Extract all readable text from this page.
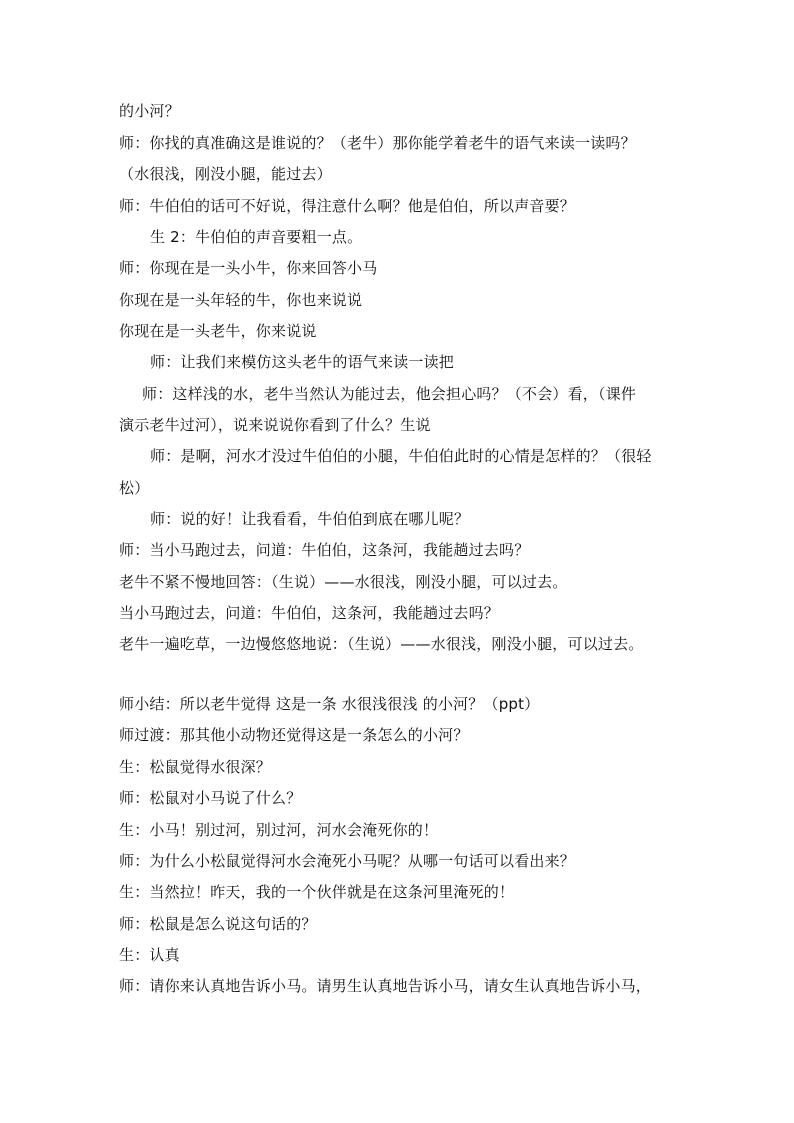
的小河？
师：你找的真准确这是谁说的？（老牛）那你能学着老牛的语气来读一读吗？
（水很浅，刚没小腿，能过去）
师：牛伯伯的话可不好说，得注意什么啊？他是伯伯，所以声音要？
生 2：牛伯伯的声音要粗一点。
师：你现在是一头小牛，你来回答小马
你现在是一头年轻的牛，你也来说说
你现在是一头老牛，你来说说
师：让我们来模仿这头老牛的语气来读一读把
师：这样浅的水，老牛当然认为能过去，他会担心吗？（不会）看，（课件
演示老牛过河），说来说说你看到了什么？生说
师：是啊，河水才没过牛伯伯的小腿，牛伯伯此时的心情是怎样的？（很轻
松）
师：说的好！让我看看，牛伯伯到底在哪儿呢？
师：当小马跑过去，问道：牛伯伯，这条河，我能趟过去吗？
老牛不紧不慢地回答：（生说）——水很浅，刚没小腿，可以过去。
当小马跑过去，问道：牛伯伯，这条河，我能趟过去吗？
老牛一遍吃草，一边慢悠悠地说：（生说）——水很浅，刚没小腿，可以过去。
师小结：所以老牛觉得 这是一条 水很浅很浅 的小河？（ppt）
师过渡：那其他小动物还觉得这是一条怎么的小河？
生：松鼠觉得水很深？
师：松鼠对小马说了什么？
生：小马！别过河，别过河，河水会淹死你的！
师：为什么小松鼠觉得河水会淹死小马呢？从哪一句话可以看出来？
生：当然拉！昨天，我的一个伙伴就是在这条河里淹死的！
师：松鼠是怎么说这句话的？
生：认真
师：请你来认真地告诉小马。请男生认真地告诉小马，请女生认真地告诉小马，
